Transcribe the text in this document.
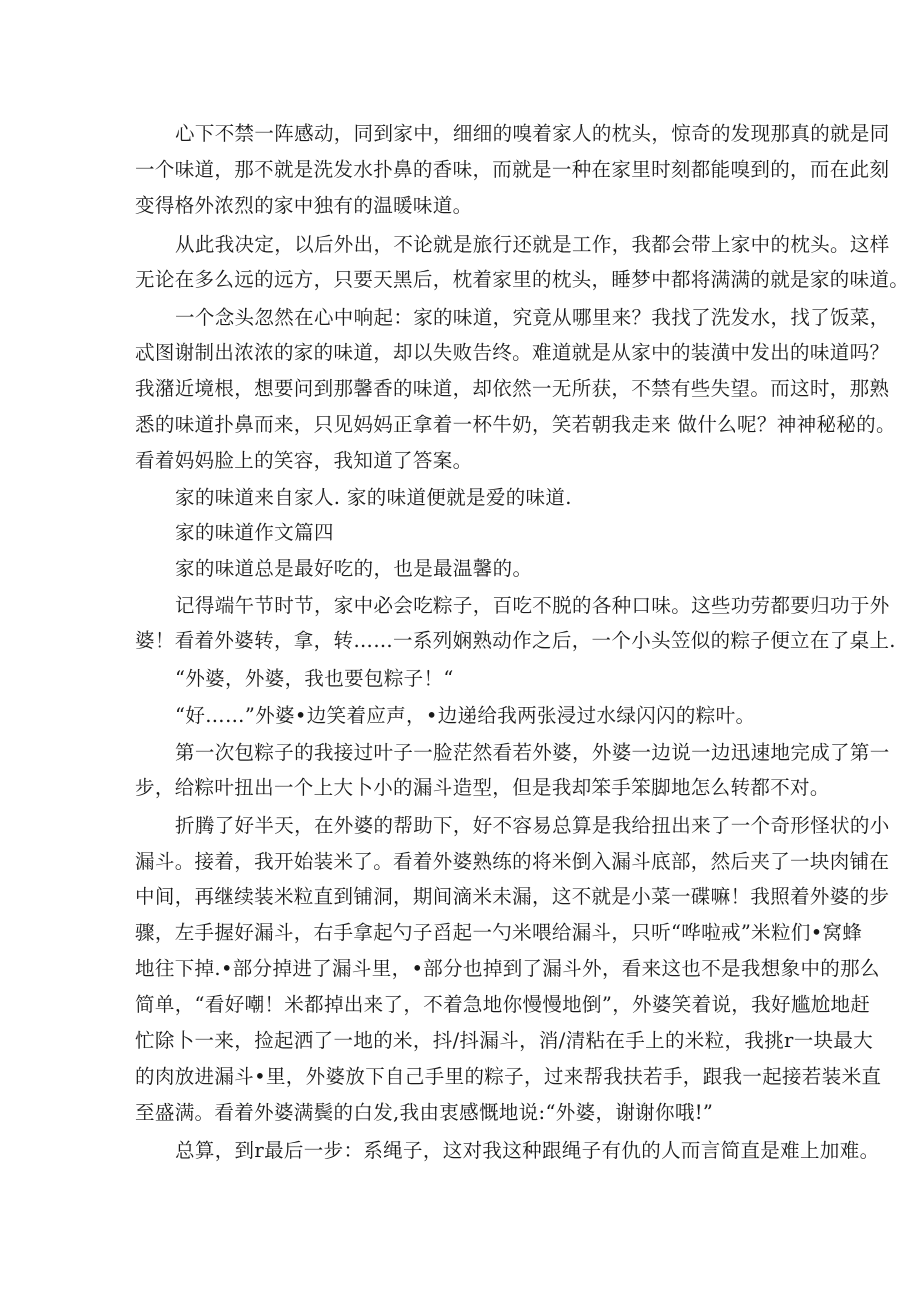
心下不禁一阵感动，同到家中，细细的嗅着家人的枕头，惊奇的发现那真的就是同
一个味道，那不就是洗发水扑鼻的香味，而就是一种在家里时刻都能嗅到的，而在此刻
变得格外浓烈的家中独有的温暖味道。
从此我决定，以后外出，不论就是旅行还就是工作，我都会带上家中的枕头。这样
无论在多么远的远方，只要天黑后，枕着家里的枕头，睡梦中都将满满的就是家的味道。
一个念头忽然在心中响起：家的味道，究竟从哪里来？我找了洗发水，找了饭菜，
忒图谢制出浓浓的家的味道，却以失败告终。难道就是从家中的装潢中发出的味道吗？
我潴近境根，想要问到那馨香的味道，却依然一无所获，不禁有些失望。而这时，那熟
悉的味道扑鼻而来，只见妈妈正拿着一杯牛奶，笑若朝我走来 做什么呢？神神秘秘的。
看着妈妈脸上的笑容，我知道了答案。
家的味道来自家人. 家的味道便就是爱的味道.
家的味道作文篇四
家的味道总是最好吃的，也是最温馨的。
记得端午节时节，家中必会吃粽子，百吃不脱的各种口味。这些功劳都要归功于外
婆！看着外婆转，拿，转……一系列娴熟动作之后，一个小头笠似的粽子便立在了桌上.
“外婆，外婆，我也要包粽子！“
“好……”外婆•边笑着应声，•边递给我两张浸过水绿闪闪的粽叶。
第一次包粽子的我接过叶子一脸茫然看若外婆，外婆一边说一边迅速地完成了第一
步，给粽叶扭出一个上大卜小的漏斗造型，但是我却笨手笨脚地怎么转都不对。
折腾了好半天，在外婆的帮助下，好不容易总算是我给扭出来了一个奇形怪状的小
漏斗。接着，我开始装米了。看着外婆熟练的将米倒入漏斗底部，然后夹了一块肉铺在
中间，再继续装米粒直到铺洞，期间滴米未漏，这不就是小菜一碟嘛！我照着外婆的步
骤，左手握好漏斗，右手拿起勺子舀起一勺米喂给漏斗，只听“哗啦戒”米粒们•窝蜂
地往下掉.•部分掉进了漏斗里，•部分也掉到了漏斗外，看来这也不是我想象中的那么
简单，“看好嘲！米都掉出来了，不着急地你慢慢地倒”，外婆笑着说，我好尴尬地赶
忙除卜一来，捡起洒了一地的米，抖/抖漏斗，消/清粘在手上的米粒，我挑r一块最大
的肉放进漏斗•里，外婆放下自己手里的粽子，过来帮我扶若手，跟我一起接若装米直
至盛满。看着外婆满鬓的白发,我由衷感慨地说:“外婆，谢谢你哦!”
总算，到r最后一步：系绳子，这对我这种跟绳子有仇的人而言简直是难上加难。
